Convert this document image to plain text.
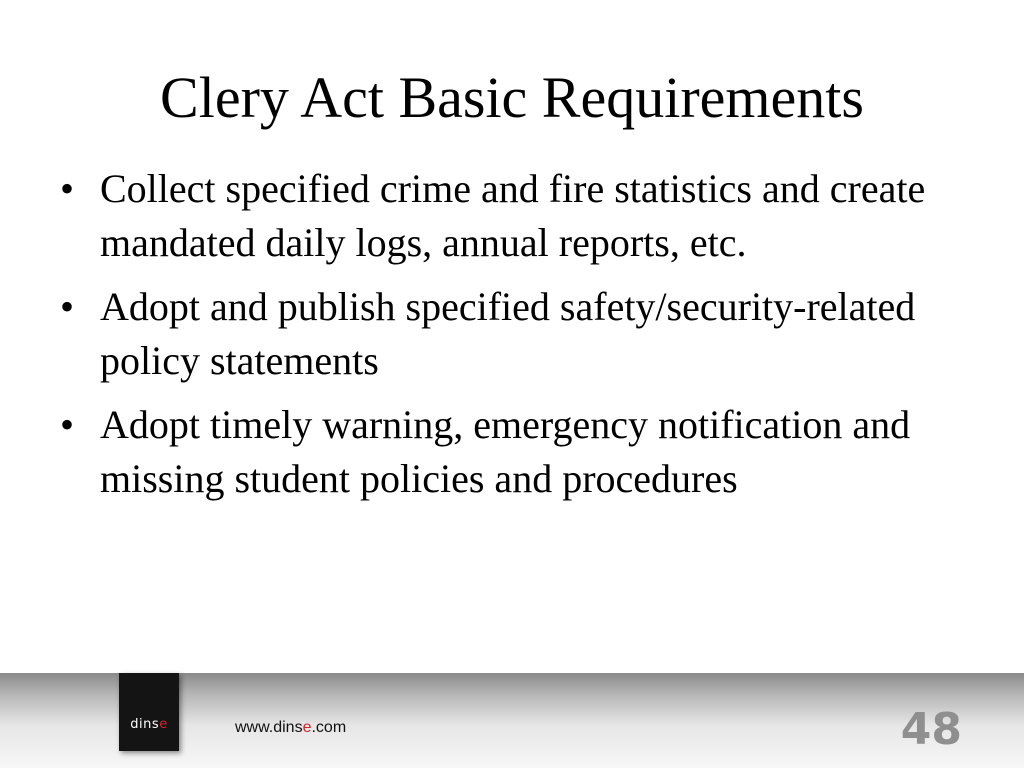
Clery Act Basic Requirements
• Collect specified crime and fire statistics and create mandated daily logs, annual reports, etc.
• Adopt and publish specified safety/security-related policy statements
• Adopt timely warning, emergency notification and missing student policies and procedures
dinse	www.dinse.com	48
